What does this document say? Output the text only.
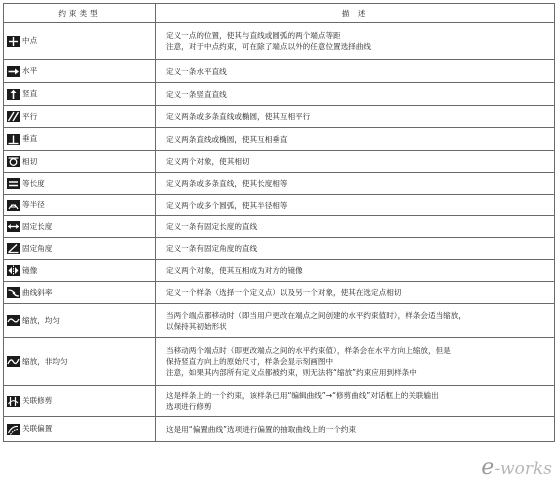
约束类型	描 述

中点	定义一点的位置，使其与直线或圆弧的两个端点等距
注意，对于中点约束，可在除了端点以外的任意位置选择曲线

水平	定义一条水平直线

竖直	定义一条竖直直线

平行	定义两条或多条直线或椭圆，使其互相平行

垂直	定义两条直线或椭圆，使其互相垂直

相切	定义两个对象，使其相切

等长度	定义两条或多条直线，使其长度相等

等半径	定义两个或多个圆弧，使其半径相等

固定长度	定义一条有固定长度的直线

固定角度	定义一条有固定角度的直线

镜像	定义两个对象，使其互相成为对方的镜像

曲线斜率	定义一个样条（选择一个定义点）以及另一个对象，使其在选定点相切

缩放，均匀	当两个端点都移动时（即当用户更改在端点之间创建的水平约束值时），样条会适当缩放，
以保持其初始形状

缩放，非均匀	当移动两个端点时（即更改端点之间的水平约束值），样条会在水平方向上缩放，但是
保持竖直方向上的原始尺寸，样条会显示刻画图中
注意，如果其内部所有定义点都被约束，则无法将“缩放”约束应用到样条中

关联修剪	这是样条上的一个约束，该样条已用“编辑曲线”→“修剪曲线”对话框上的关联输出
选项进行修剪

关联偏置	这是用“偏置曲线”选项进行偏置的抽取曲线上的一个约束
e-works
